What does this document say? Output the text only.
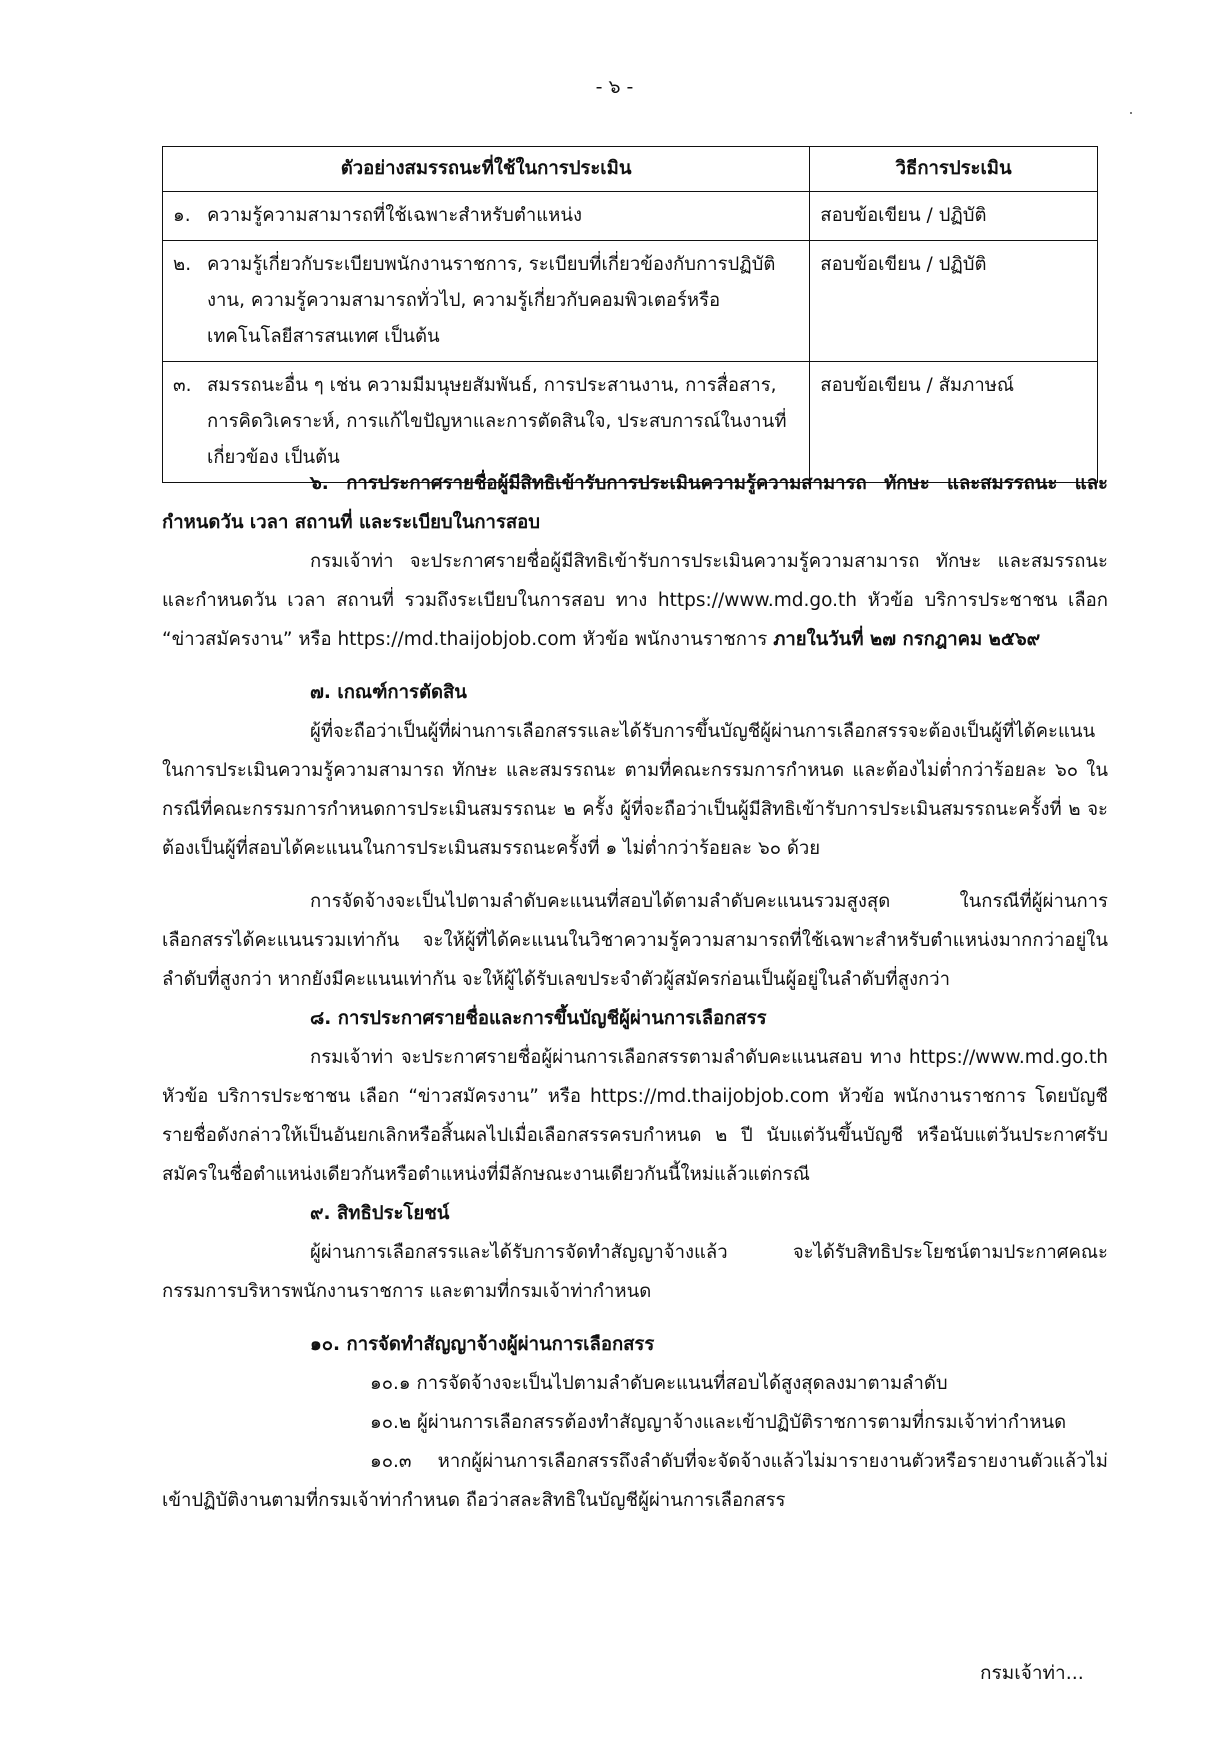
- ๖ -
ตัวอย่างสมรรถนะที่ใช้ในการประเมิน	วิธีการประเมิน

๑. ความรู้ความสามารถที่ใช้เฉพาะสำหรับตำแหน่ง	สอบข้อเขียน / ปฏิบัติ

๒. ความรู้เกี่ยวกับระเบียบพนักงานราชการ, ระเบียบที่เกี่ยวข้องกับการปฏิบัติงาน, ความรู้ความสามารถทั่วไป, ความรู้เกี่ยวกับคอมพิวเตอร์หรือเทคโนโลยีสารสนเทศ เป็นต้น	สอบข้อเขียน / ปฏิบัติ

๓. สมรรถนะอื่น ๆ เช่น ความมีมนุษยสัมพันธ์, การประสานงาน, การสื่อสาร, การคิดวิเคราะห์, การแก้ไขปัญหาและการตัดสินใจ, ประสบการณ์ในงานที่เกี่ยวข้อง เป็นต้น	สอบข้อเขียน / สัมภาษณ์

๖. การประกาศรายชื่อผู้มีสิทธิเข้ารับการประเมินความรู้ความสามารถ ทักษะ และสมรรถนะ และกำหนดวัน เวลา สถานที่ และระเบียบในการสอบ

กรมเจ้าท่า จะประกาศรายชื่อผู้มีสิทธิเข้ารับการประเมินความรู้ความสามารถ ทักษะ และสมรรถนะ และกำหนดวัน เวลา สถานที่ รวมถึงระเบียบในการสอบ ทาง https://www.md.go.th หัวข้อ บริการประชาชน เลือก “ข่าวสมัครงาน” หรือ https://md.thaijobjob.com หัวข้อ พนักงานราชการ ภายในวันที่ ๒๗ กรกฎาคม ๒๕๖๙

๗. เกณฑ์การตัดสิน

ผู้ที่จะถือว่าเป็นผู้ที่ผ่านการเลือกสรรและได้รับการขึ้นบัญชีผู้ผ่านการเลือกสรรจะต้องเป็นผู้ที่ได้คะแนนในการประเมินความรู้ความสามารถ ทักษะ และสมรรถนะ ตามที่คณะกรรมการกำหนด และต้องไม่ต่ำกว่าร้อยละ ๖๐ ในกรณีที่คณะกรรมการกำหนดการประเมินสมรรถนะ ๒ ครั้ง ผู้ที่จะถือว่าเป็นผู้มีสิทธิเข้ารับการประเมินสมรรถนะครั้งที่ ๒ จะต้องเป็นผู้ที่สอบได้คะแนนในการประเมินสมรรถนะครั้งที่ ๑ ไม่ต่ำกว่าร้อยละ ๖๐ ด้วย

การจัดจ้างจะเป็นไปตามลำดับคะแนนที่สอบได้ตามลำดับคะแนนรวมสูงสุด ในกรณีที่ผู้ผ่านการเลือกสรรได้คะแนนรวมเท่ากัน จะให้ผู้ที่ได้คะแนนในวิชาความรู้ความสามารถที่ใช้เฉพาะสำหรับตำแหน่งมากกว่าอยู่ในลำดับที่สูงกว่า หากยังมีคะแนนเท่ากัน จะให้ผู้ได้รับเลขประจำตัวผู้สมัครก่อนเป็นผู้อยู่ในลำดับที่สูงกว่า

๘. การประกาศรายชื่อและการขึ้นบัญชีผู้ผ่านการเลือกสรร

กรมเจ้าท่า จะประกาศรายชื่อผู้ผ่านการเลือกสรรตามลำดับคะแนนสอบ ทาง https://www.md.go.th หัวข้อ บริการประชาชน เลือก “ข่าวสมัครงาน” หรือ https://md.thaijobjob.com หัวข้อ พนักงานราชการ โดยบัญชีรายชื่อดังกล่าวให้เป็นอันยกเลิกหรือสิ้นผลไปเมื่อเลือกสรรครบกำหนด ๒ ปี นับแต่วันขึ้นบัญชี หรือนับแต่วันประกาศรับสมัครในชื่อตำแหน่งเดียวกันหรือตำแหน่งที่มีลักษณะงานเดียวกันนี้ใหม่แล้วแต่กรณี

๙. สิทธิประโยชน์

ผู้ผ่านการเลือกสรรและได้รับการจัดทำสัญญาจ้างแล้ว จะได้รับสิทธิประโยชน์ตามประกาศคณะกรรมการบริหารพนักงานราชการ และตามที่กรมเจ้าท่ากำหนด

๑๐. การจัดทำสัญญาจ้างผู้ผ่านการเลือกสรร

๑๐.๑ การจัดจ้างจะเป็นไปตามลำดับคะแนนที่สอบได้สูงสุดลงมาตามลำดับ

๑๐.๒ ผู้ผ่านการเลือกสรรต้องทำสัญญาจ้างและเข้าปฏิบัติราชการตามที่กรมเจ้าท่ากำหนด

๑๐.๓ หากผู้ผ่านการเลือกสรรถึงลำดับที่จะจัดจ้างแล้วไม่มารายงานตัวหรือรายงานตัวแล้วไม่เข้าปฏิบัติงานตามที่กรมเจ้าท่ากำหนด ถือว่าสละสิทธิในบัญชีผู้ผ่านการเลือกสรร

กรมเจ้าท่า...
